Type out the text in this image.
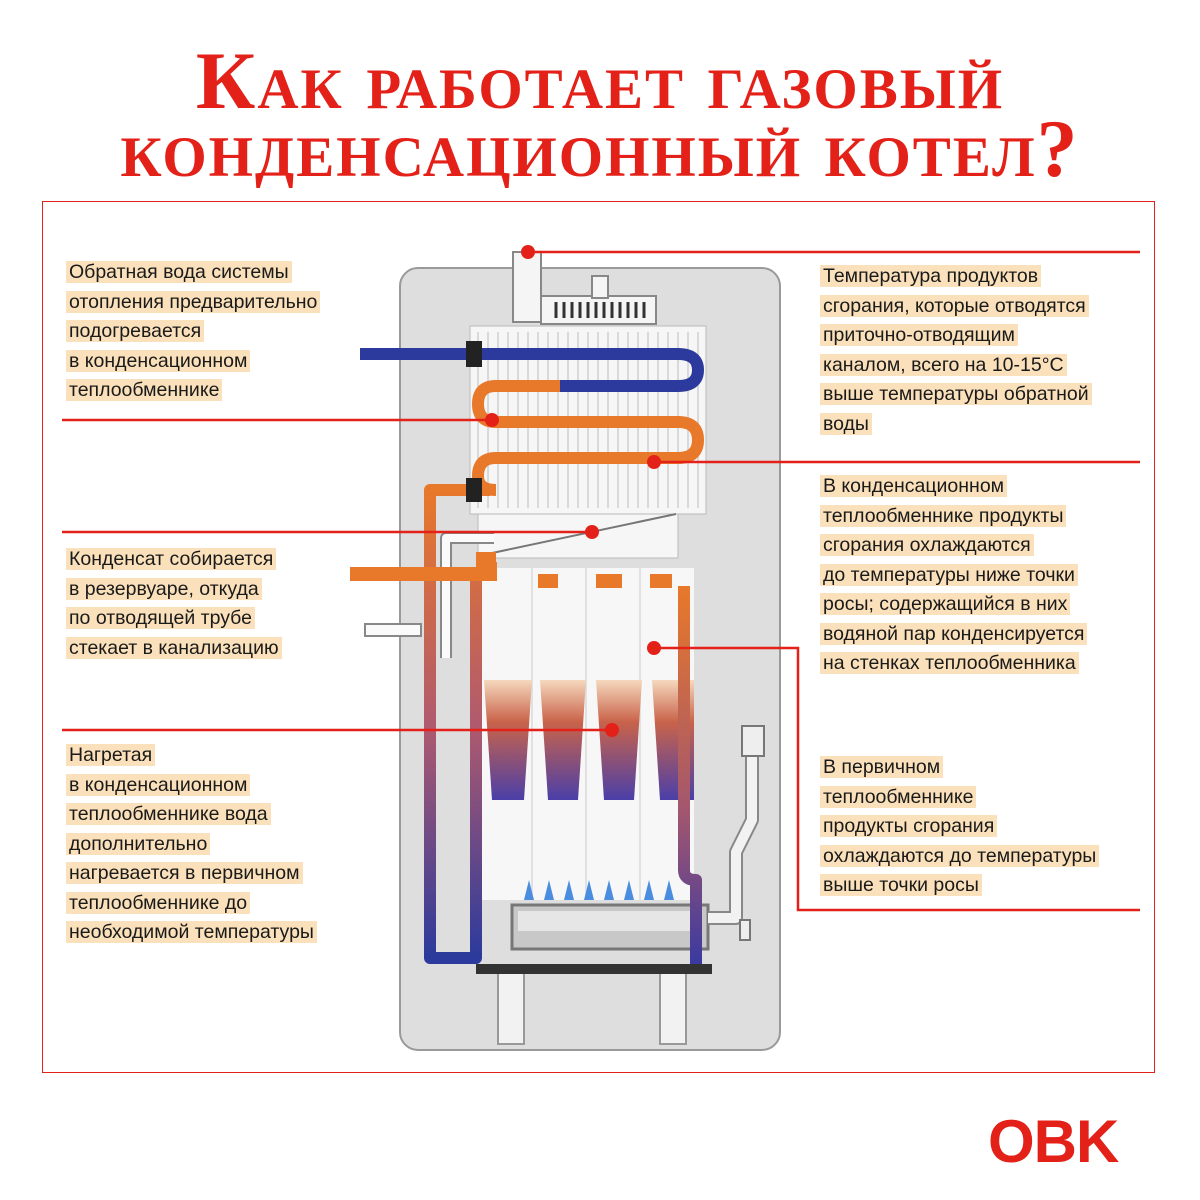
Как работает газовый
конденсационный котел?
Обратная вода системы
отопления предварительно
подогревается
в конденсационном
теплообменнике
Конденсат собирается
в резервуаре, откуда
по отводящей трубе
стекает в канализацию
Нагретая
в конденсационном
теплообменнике вода
дополнительно
нагревается в первичном
теплообменнике до
необходимой температуры
Температура продуктов
сгорания, которые отводятся
приточно-отводящим
каналом, всего на 10-15°C
выше температуры обратной
воды
В конденсационном
теплообменнике продукты
сгорания охлаждаются
до температуры ниже точки
росы; содержащийся в них
водяной пар конденсируется
на стенках теплообменника
В первичном
теплообменнике
продукты сгорания
охлаждаются до температуры
выше точки росы
OBK
